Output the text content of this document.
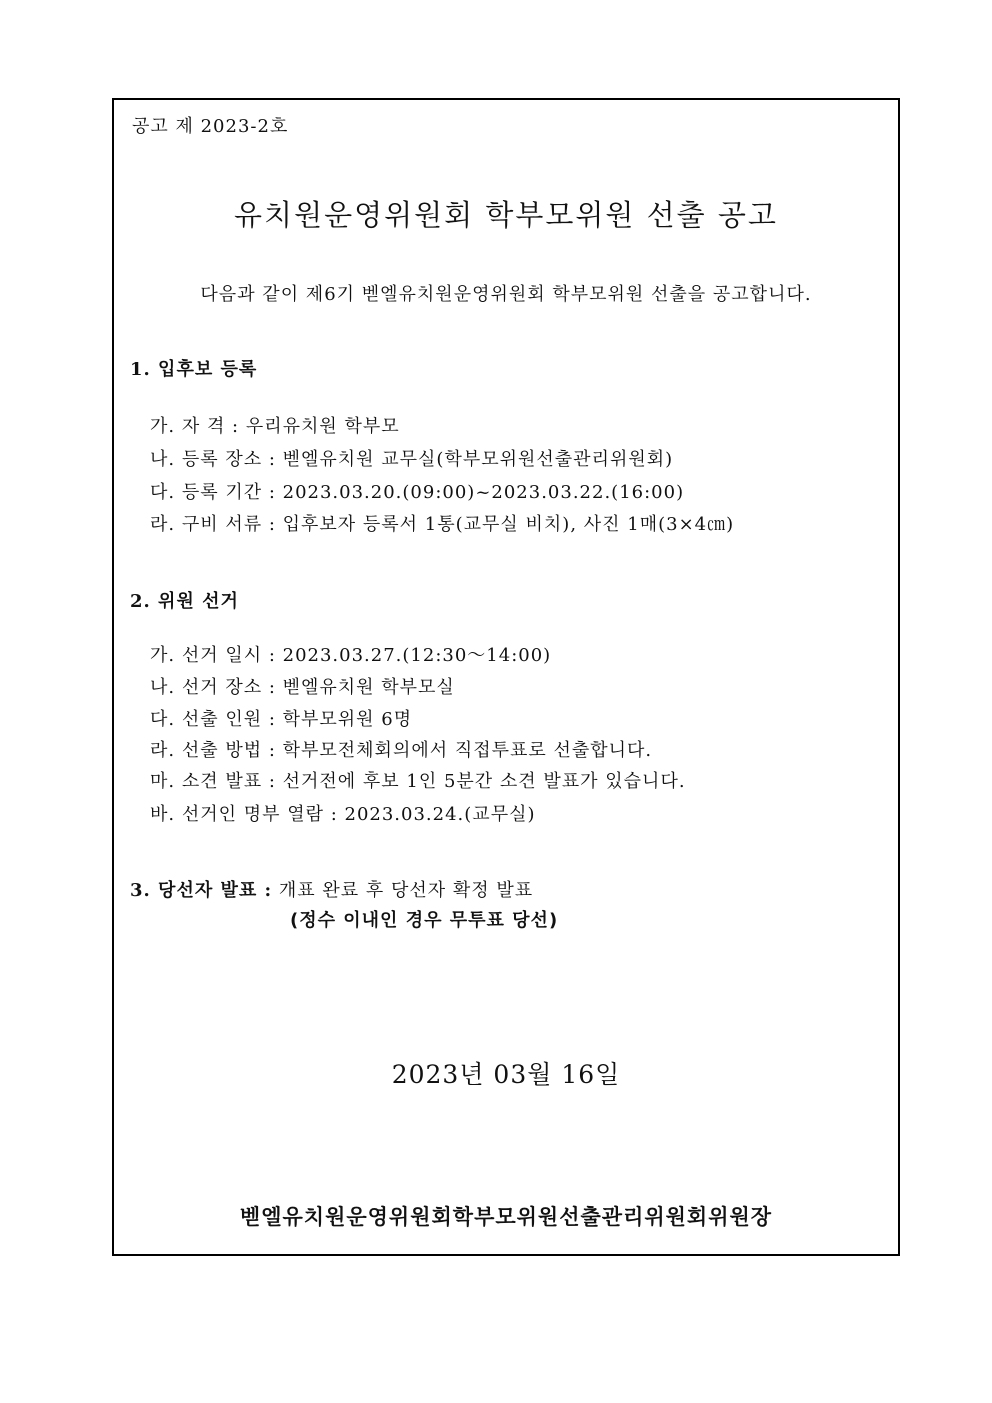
공고 제 2023-2호
유치원운영위원회 학부모위원 선출 공고
다음과 같이 제6기 벧엘유치원운영위원회 학부모위원 선출을 공고합니다.
1. 입후보 등록
가. 자 격 : 우리유치원 학부모
나. 등록 장소 : 벧엘유치원 교무실(학부모위원선출관리위원회)
다. 등록 기간 : 2023.03.20.(09:00)~2023.03.22.(16:00)
라. 구비 서류 : 입후보자 등록서 1통(교무실 비치), 사진 1매(3×4㎝)
2. 위원 선거
가. 선거 일시 : 2023.03.27.(12:30～14:00)
나. 선거 장소 : 벧엘유치원 학부모실
다. 선출 인원 : 학부모위원 6명
라. 선출 방법 : 학부모전체회의에서 직접투표로 선출합니다.
마. 소견 발표 : 선거전에 후보 1인 5분간 소견 발표가 있습니다.
바. 선거인 명부 열람 : 2023.03.24.(교무실)
3. 당선자 발표 : 개표 완료 후 당선자 확정 발표
(정수 이내인 경우 무투표 당선)
2023년 03월 16일
벧엘유치원운영위원회학부모위원선출관리위원회위원장
